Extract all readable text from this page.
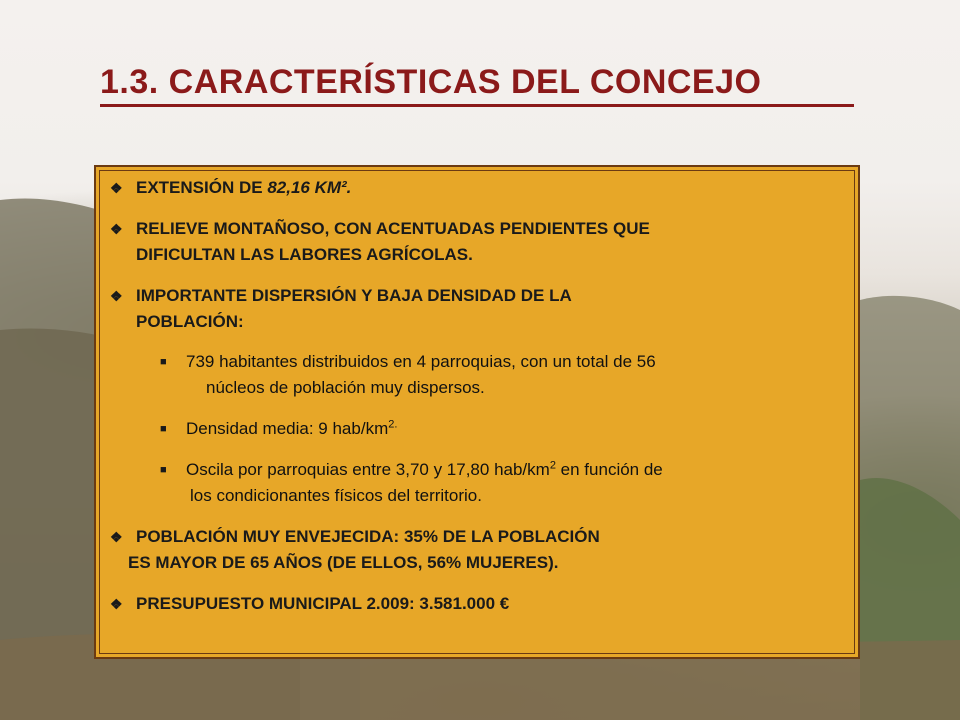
1.3. CARACTERÍSTICAS DEL CONCEJO
❖ EXTENSIÓN DE 82,16 KM².
❖ RELIEVE MONTAÑOSO, CON ACENTUADAS PENDIENTES QUE
DIFICULTAN LAS LABORES AGRÍCOLAS.
❖ IMPORTANTE DISPERSIÓN Y BAJA DENSIDAD DE LA
POBLACIÓN:
■	739 habitantes distribuidos en 4 parroquias, con un total de 56
núcleos de población muy dispersos.
■	Densidad media: 9 hab/$km^{2.}$
■	Oscila por parroquias entre 3,70 y 17,80 hab/$km^2$ en función de
los condicionantes físicos del territorio.
❖ POBLACIÓN MUY ENVEJECIDA: 35% DE LA POBLACIÓN
ES MAYOR DE 65 AÑOS (DE ELLOS, 56% MUJERES).
❖ PRESUPUESTO MUNICIPAL 2.009: 3.581.000 €
